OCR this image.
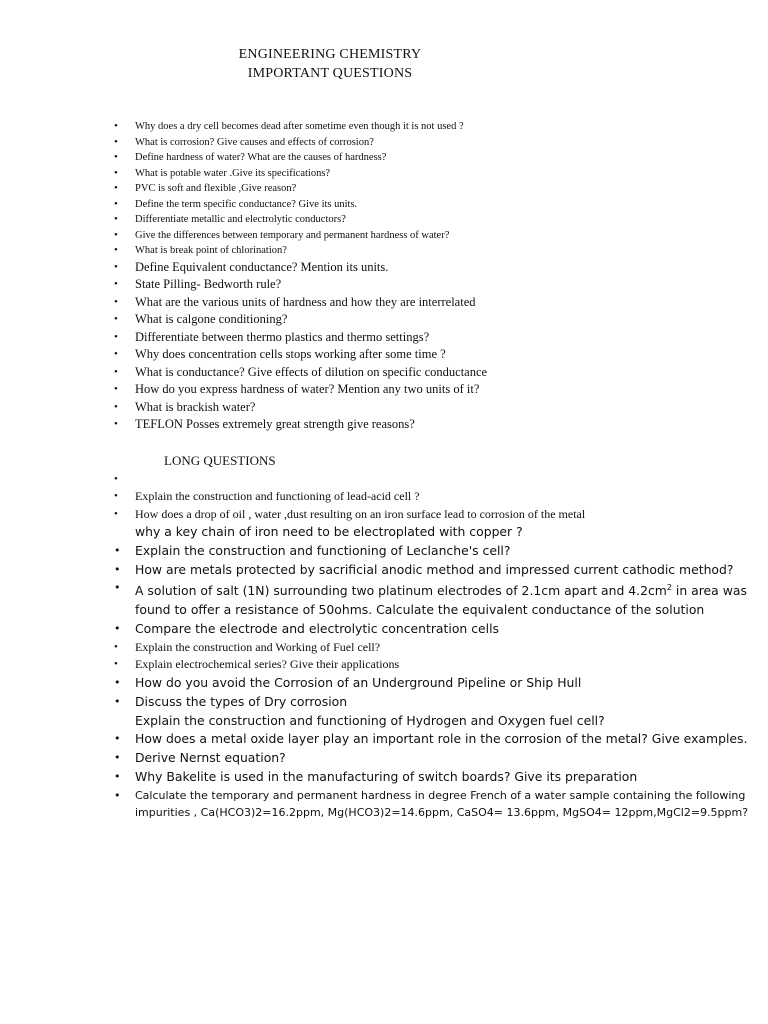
ENGINEERING CHEMISTRY
IMPORTANT QUESTIONS
• Why does a dry cell becomes dead after sometime even though it is not used ?
• What is corrosion? Give causes and effects of corrosion?
• Define hardness of water? What are the causes of hardness?
• What is potable water .Give its specifications?
• PVC is soft and flexible ,Give reason?
• Define the term specific conductance? Give its units.
• Differentiate metallic and electrolytic conductors?
• Give the differences between temporary and permanent hardness of water?
• What is break point of chlorination?
• Define Equivalent conductance? Mention its units.
• State Pilling- Bedworth rule?
• What are the various units of hardness and how they are interrelated
• What is calgone conditioning?
• Differentiate between thermo plastics and thermo settings?
• Why does concentration cells stops working after some time ?
• What is conductance? Give effects of dilution on specific conductance
• How do you express hardness of water? Mention any two units of it?
• What is brackish water?
• TEFLON Posses extremely great strength give reasons?
LONG QUESTIONS
•
• Explain the construction and functioning of lead-acid cell ?
• How does a drop of oil , water ,dust resulting on an iron surface lead to corrosion of the metal
why a key chain of iron need to be electroplated with copper ?
• Explain the construction and functioning of Leclanche's cell?
• How are metals protected by sacrificial anodic method and impressed current cathodic method?
• A solution of salt (1N) surrounding two platinum electrodes of 2.1cm apart and $4.2cm^2$ in area was found to offer a resistance of 50ohms. Calculate the equivalent conductance of the solution
• Compare the electrode and electrolytic concentration cells
• Explain the construction and Working of Fuel cell?
• Explain electrochemical series? Give their applications
• How do you avoid the Corrosion of an Underground Pipeline or Ship Hull
• Discuss the types of Dry corrosion
Explain the construction and functioning of Hydrogen and Oxygen fuel cell?
• How does a metal oxide layer play an important role in the corrosion of the metal? Give examples.
• Derive Nernst equation?
• Why Bakelite is used in the manufacturing of switch boards? Give its preparation
• Calculate the temporary and permanent hardness in degree French of a water sample containing the following impurities , Ca(HCO3)2=16.2ppm, Mg(HCO3)2=14.6ppm, CaSO4= 13.6ppm, MgSO4= 12ppm,MgCl2=9.5ppm?
